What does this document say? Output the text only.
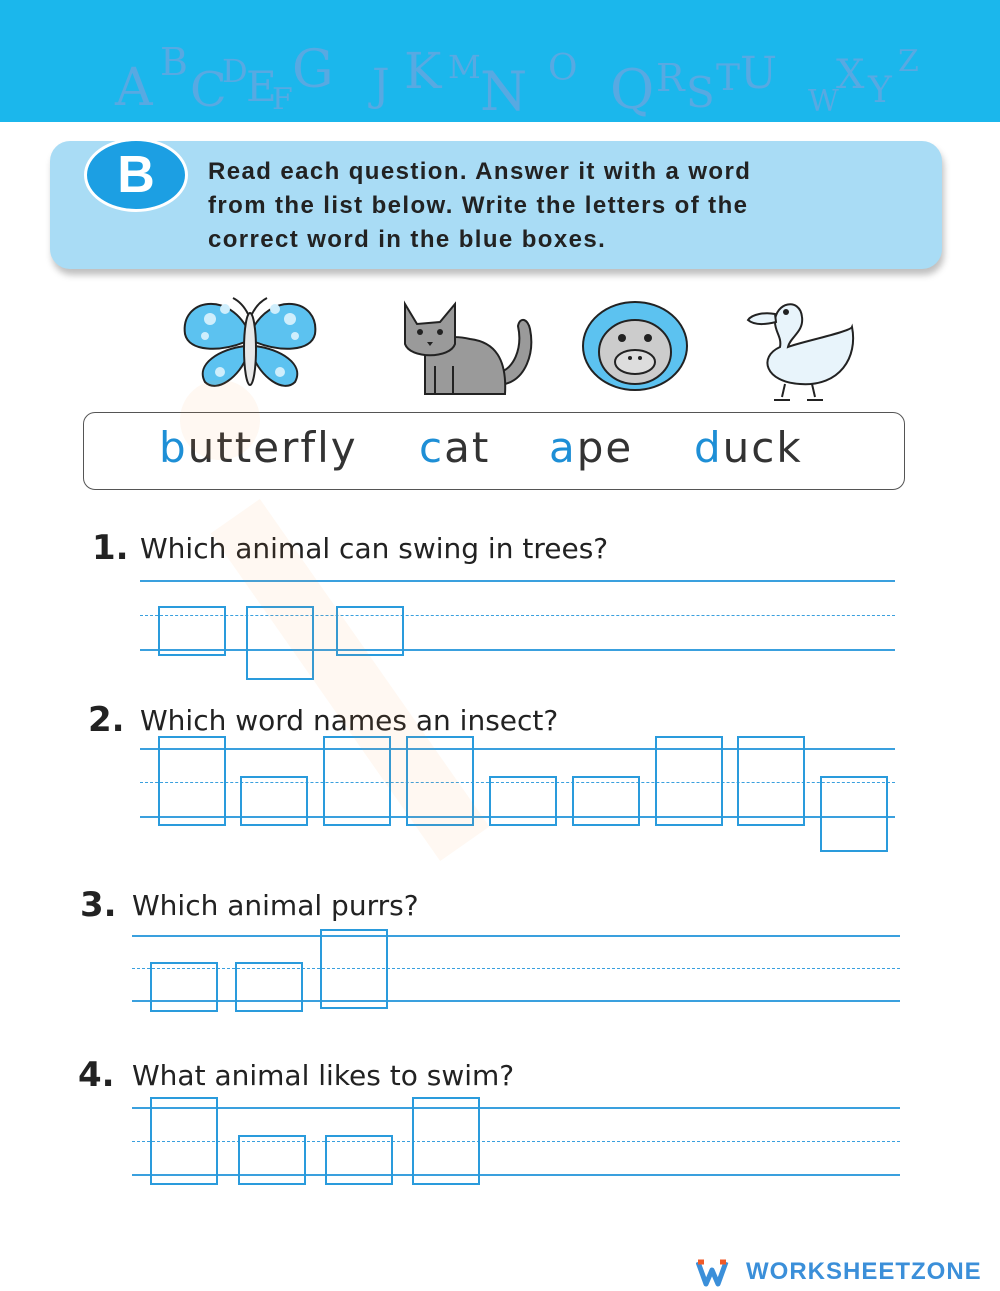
A B C
D
E
F G J K M N O Q R S T U
W
X Y
Z
B	Read each question. Answer it with a word
from the list below. Write the letters of the
correct word in the blue boxes.

butterfly cat ape duck
1. Which animal can swing in trees?
2. Which word names an insect?
3. Which animal purrs?
4. What animal likes to swim?
WORKSHEETZONE
